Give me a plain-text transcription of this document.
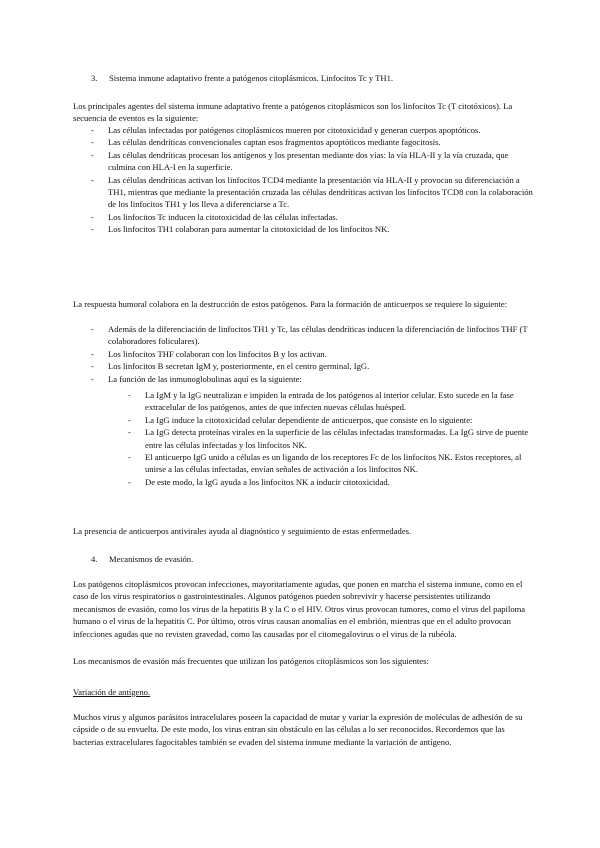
3.	Sistema inmune adaptativo frente a patógenos citoplásmicos. Linfocitos Tc y TH1.

Los principales agentes del sistema inmune adaptativo frente a patógenos citoplásmicos son los linfocitos Tc (T citotóxicos). La secuencia de eventos es la siguiente:

- Las células infectadas por patógenos citoplásmicos mueren por citotoxicidad y generan cuerpos apoptóticos.
- Las células dendríticas convencionales captan esos fragmentos apoptóticos mediante fagocitosis.
- Las células dendríticas procesan los antígenos y los presentan mediante dos vías: la vía HLA-II y la vía cruzada, que culmina con HLA-I en la superficie.
- Las células dendríticas activan los linfocitos TCD4 mediante la presentación vía HLA-II y provocan su diferenciación a TH1, mientras que mediante la presentación cruzada las células dendríticas activan los linfocitos TCD8 con la colaboración de los linfocitos TH1 y los lleva a diferenciarse a Tc.
- Los linfocitos Tc inducen la citotoxicidad de las células infectadas.
- Los linfocitos TH1 colaboran para aumentar la citotoxicidad de los linfocitos NK.

La respuesta humoral colabora en la destrucción de estos patógenos. Para la formación de anticuerpos se requiere lo siguiente:

- Además de la diferenciación de linfocitos TH1 y Tc, las células dendríticas inducen la diferenciación de linfocitos THF (T colaboradores foliculares).
- Los linfocitos THF colaboran con los linfocitos B y los activan.
- Los linfocitos B secretan IgM y, posteriormente, en el centro germinal, IgG.
- La función de las inmunoglobulinas aquí es la siguiente:
- La IgM y la IgG neutralizan e impiden la entrada de los patógenos al interior celular. Esto sucede en la fase extracelular de los patógenos, antes de que infecten nuevas células huésped.
- La IgG induce la citotoxicidad celular dependiente de anticuerpos, que consiste en lo siguiente:
- La IgG detecta proteínas virales en la superficie de las células infectadas transformadas. La IgG sirve de puente entre las células infectadas y los linfocitos NK.
- El anticuerpo IgG unido a células es un ligando de los receptores Fc de los linfocitos NK. Estos receptores, al unirse a las células infectadas, envían señales de activación a los linfocitos NK.
- De este modo, la IgG ayuda a los linfocitos NK a inducir citotoxicidad.

La presencia de anticuerpos antivirales ayuda al diagnóstico y seguimiento de estas enfermedades.

4.	Mecanismos de evasión.

Los patógenos citoplásmicos provocan infecciones, mayoritariamente agudas, que ponen en marcha el sistema inmune, como en el caso de los virus respiratorios o gastrointestinales. Algunos patógenos pueden sobrevivir y hacerse persistentes utilizando mecanismos de evasión, como los virus de la hepatitis B y la C o el HIV. Otros virus provocan tumores, como el virus del papiloma humano o el virus de la hepatitis C. Por último, otros virus causan anomalías en el embrión, mientras que en el adulto provocan infecciones agudas que no revisten gravedad, como las causadas por el citomegalovirus o el virus de la rubéola.

Los mecanismos de evasión más frecuentes que utilizan los patógenos citoplásmicos son los siguientes:

Variación de antígeno.

Muchos virus y algunos parásitos intracelulares poseen la capacidad de mutar y variar la expresión de moléculas de adhesión de su cápside o de su envuelta. De este modo, los virus entran sin obstáculo en las células a lo ser reconocidos. Recordemos que las bacterias extracelulares fagocitables también se evaden del sistema inmune mediante la variación de antígeno.
